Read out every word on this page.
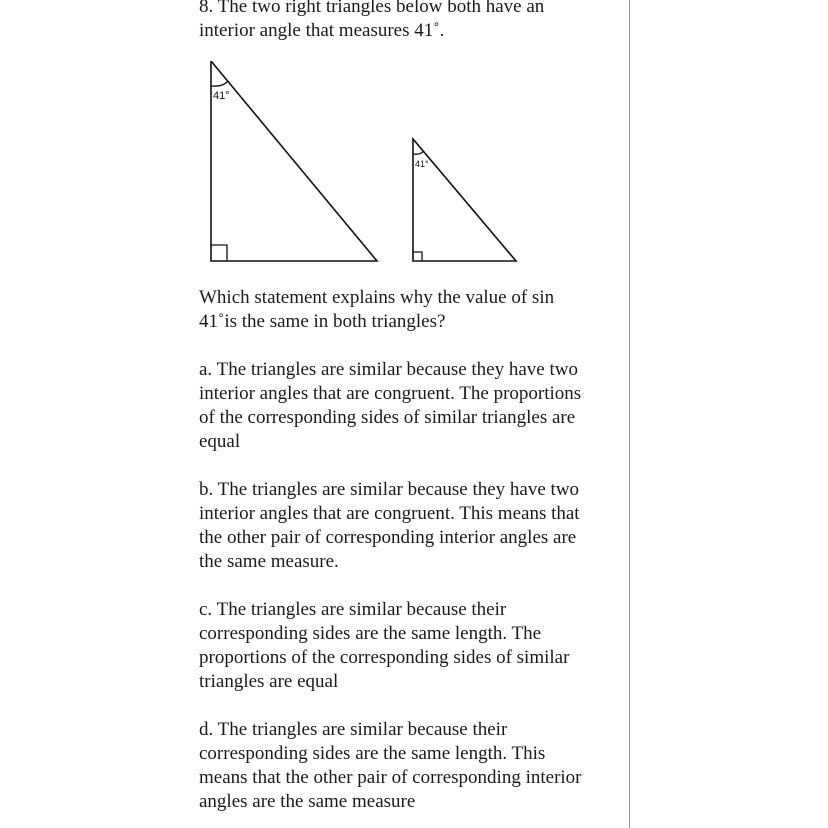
8. The two right triangles below both have an
interior angle that measures 41˚.
41°
41°
Which statement explains why the value of sin
41˚is the same in both triangles?
a. The triangles are similar because they have two
interior angles that are congruent. The proportions
of the corresponding sides of similar triangles are
equal
b. The triangles are similar because they have two
interior angles that are congruent. This means that
the other pair of corresponding interior angles are
the same measure.
c. The triangles are similar because their
corresponding sides are the same length. The
proportions of the corresponding sides of similar
triangles are equal
d. The triangles are similar because their
corresponding sides are the same length. This
means that the other pair of corresponding interior
angles are the same measure
